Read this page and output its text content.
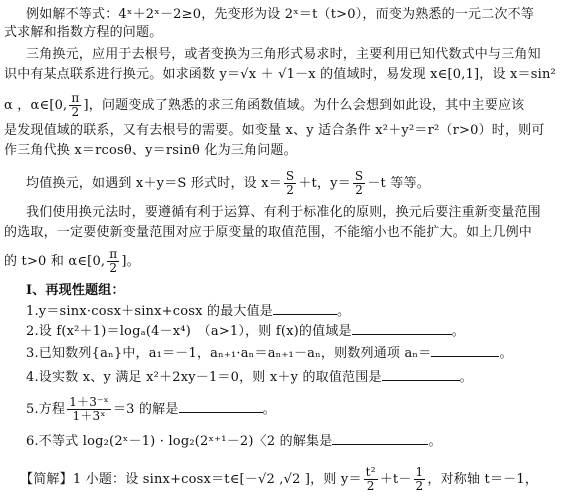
例如解不等式：4ˣ＋2ˣ－2≥0，先变形为设 2ˣ＝t（t>0），而变为熟悉的一元二次不等
式求解和指数方程的问题。
三角换元，应用于去根号，或者变换为三角形式易求时，主要利用已知代数式中与三角知
识中有某点联系进行换元。如求函数 y＝√x ＋ √1－x 的值域时，易发现 x∈[0,1]，设 x＝sin²
α ，α∈[0, $\frac{\pi}{2}$ ]，问题变成了熟悉的求三角函数值域。为什么会想到如此设，其中主要应该
是发现值域的联系，又有去根号的需要。如变量 x、y 适合条件 x²＋y²＝r²（r>0）时，则可
作三角代换 x＝rcosθ、y＝rsinθ 化为三角问题。
均值换元，如遇到 x＋y＝S 形式时，设 $x= \frac{S}{2} +t$，$y= \frac{S}{2} -t$ 等等。
我们使用换元法时，要遵循有利于运算、有利于标准化的原则，换元后要注重新变量范围
的选取，一定要使新变量范围对应于原变量的取值范围，不能缩小也不能扩大。如上几例中
的 t>0 和 α∈[0, $\frac{\pi}{2}$ ]。
Ⅰ、再现性题组：
1.y＝sinx·cosx＋sinx+cosx 的最大值是	。
2.设 f(x²＋1)＝logₐ(4－x⁴)　（a>1），则 f(x)的值域是	。
3.已知数列{aₙ}中，a₁＝－1，aₙ₊₁·aₙ＝aₙ₊₁－aₙ，则数列通项 aₙ＝	。
4.设实数 x、y 满足 x²＋2xy－1＝0，则 x＋y 的取值范围是	。
5.方程 $\frac{\text{1＋3⁻ˣ}}{\text{1＋3ˣ}} =3$ 的解是	。
6.不等式 log₂(2ˣ－1) · log₂(2ˣ⁺¹－2)〈2 的解集是	。
【简解】1 小题：设 sinx+cosx＝t∈[－√2 ,√2 ]，则 $y= \frac{\text{t²}}{2} +t- \frac{1}{2}$ ，对称轴 t＝－1，
